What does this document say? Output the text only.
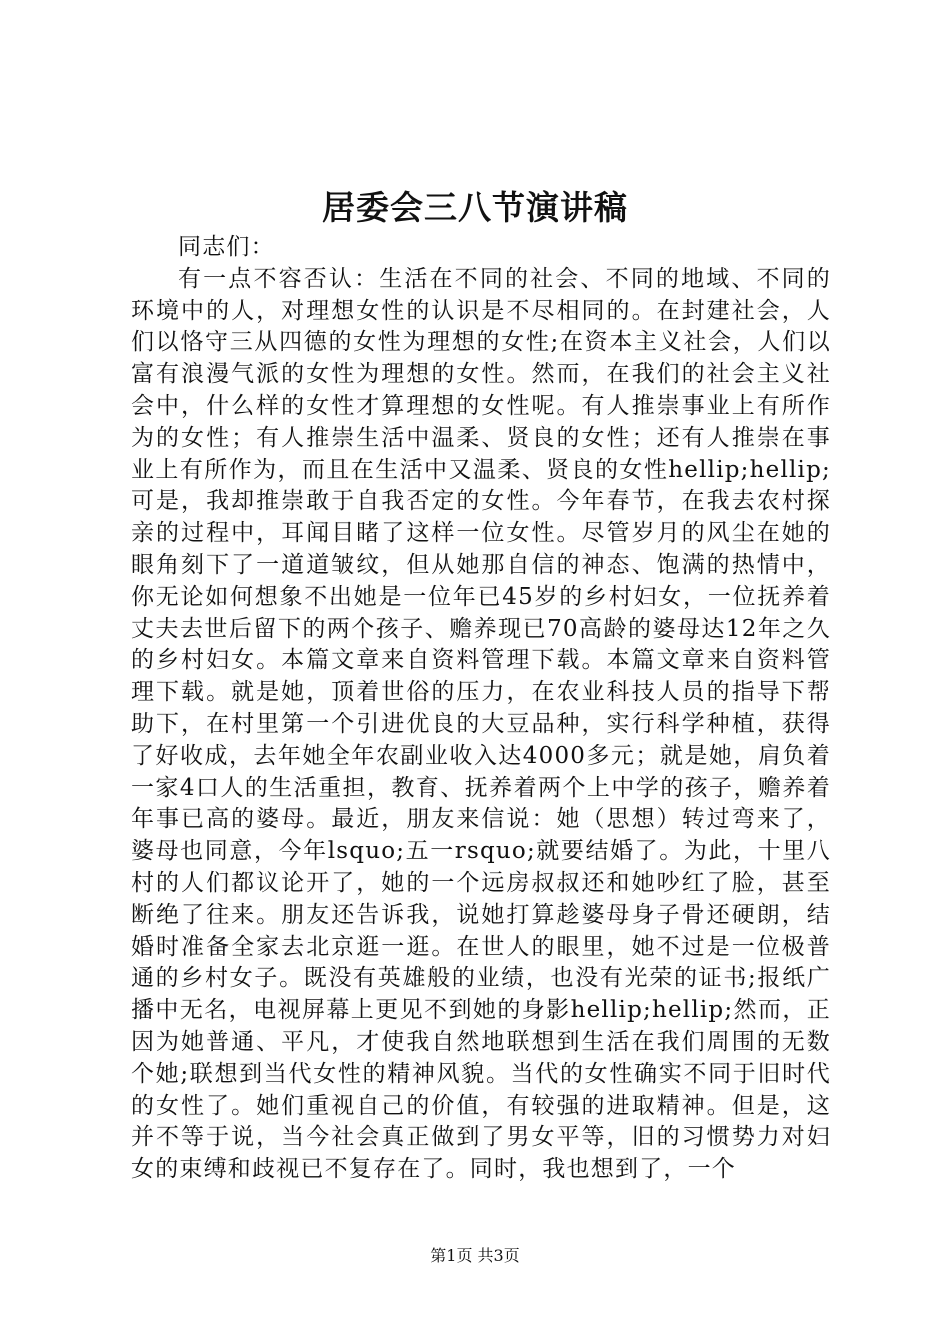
居委会三八节演讲稿

同志们：

有一点不容否认：生活在不同的社会、不同的地域、不同的环境中的人，对理想女性的认识是不尽相同的。在封建社会，人们以恪守三从四德的女性为理想的女性;在资本主义社会，人们以富有浪漫气派的女性为理想的女性。然而，在我们的社会主义社会中，什么样的女性才算理想的女性呢。有人推崇事业上有所作为的女性；有人推崇生活中温柔、贤良的女性；还有人推崇在事业上有所作为，而且在生活中又温柔、贤良的女性hellip;hellip;可是，我却推崇敢于自我否定的女性。今年春节，在我去农村探亲的过程中，耳闻目睹了这样一位女性。尽管岁月的风尘在她的眼角刻下了一道道皱纹，但从她那自信的神态、饱满的热情中，你无论如何想象不出她是一位年已45岁的乡村妇女，一位抚养着丈夫去世后留下的两个孩子、赡养现已70高龄的婆母达12年之久的乡村妇女。本篇文章来自资料管理下载。本篇文章来自资料管理下载。就是她，顶着世俗的压力，在农业科技人员的指导下帮助下，在村里第一个引进优良的大豆品种，实行科学种植，获得了好收成，去年她全年农副业收入达4000多元；就是她，肩负着一家4口人的生活重担，教育、抚养着两个上中学的孩子，赡养着年事已高的婆母。最近，朋友来信说：她（思想）转过弯来了，婆母也同意，今年lsquo;五一rsquo;就要结婚了。为此，十里八村的人们都议论开了，她的一个远房叔叔还和她吵红了脸，甚至断绝了往来。朋友还告诉我，说她打算趁婆母身子骨还硬朗，结婚时准备全家去北京逛一逛。在世人的眼里，她不过是一位极普通的乡村女子。既没有英雄般的业绩，也没有光荣的证书;报纸广播中无名，电视屏幕上更见不到她的身影hellip;hellip;然而，正因为她普通、平凡，才使我自然地联想到生活在我们周围的无数个她;联想到当代女性的精神风貌。当代的女性确实不同于旧时代的女性了。她们重视自己的价值，有较强的进取精神。但是，这并不等于说，当今社会真正做到了男女平等，旧的习惯势力对妇女的束缚和歧视已不复存在了。同时，我也想到了，一个

第1页 共3页
